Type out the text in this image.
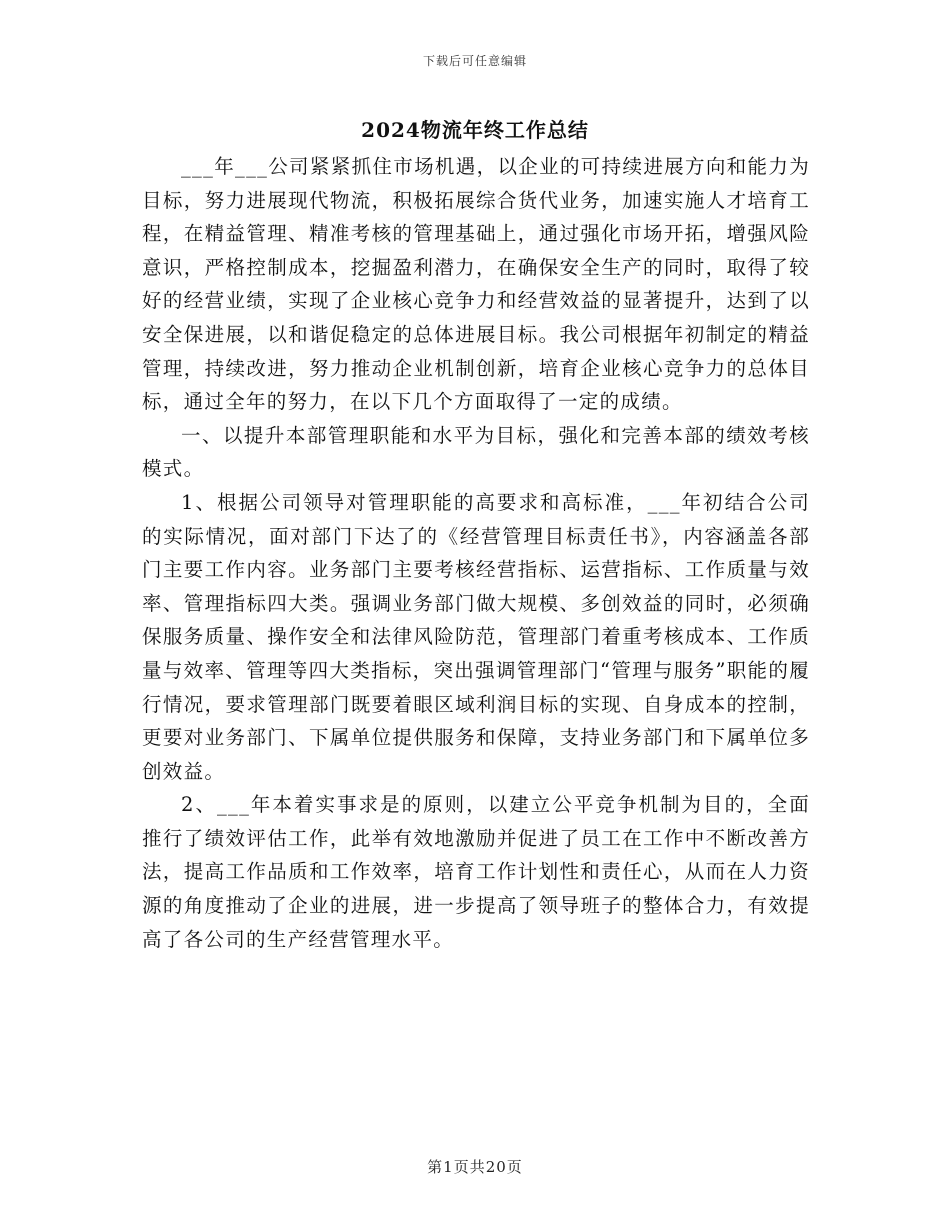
下载后可任意编辑
2024物流年终工作总结

___年___公司紧紧抓住市场机遇，以企业的可持续进展方向和能力为目标，努力进展现代物流，积极拓展综合货代业务，加速实施人才培育工程，在精益管理、精准考核的管理基础上，通过强化市场开拓，增强风险意识，严格控制成本，挖掘盈利潜力，在确保安全生产的同时，取得了较好的经营业绩，实现了企业核心竞争力和经营效益的显著提升，达到了以安全保进展，以和谐促稳定的总体进展目标。我公司根据年初制定的精益管理，持续改进，努力推动企业机制创新，培育企业核心竞争力的总体目标，通过全年的努力，在以下几个方面取得了一定的成绩。

一、以提升本部管理职能和水平为目标，强化和完善本部的绩效考核模式。

1、根据公司领导对管理职能的高要求和高标准，___年初结合公司的实际情况，面对部门下达了的《经营管理目标责任书》，内容涵盖各部门主要工作内容。业务部门主要考核经营指标、运营指标、工作质量与效率、管理指标四大类。强调业务部门做大规模、多创效益的同时，必须确保服务质量、操作安全和法律风险防范，管理部门着重考核成本、工作质量与效率、管理等四大类指标，突出强调管理部门“管理与服务”职能的履行情况，要求管理部门既要着眼区域利润目标的实现、自身成本的控制，更要对业务部门、下属单位提供服务和保障，支持业务部门和下属单位多创效益。

2、___年本着实事求是的原则，以建立公平竞争机制为目的，全面推行了绩效评估工作，此举有效地激励并促进了员工在工作中不断改善方法，提高工作品质和工作效率，培育工作计划性和责任心，从而在人力资源的角度推动了企业的进展，进一步提高了领导班子的整体合力，有效提高了各公司的生产经营管理水平。

第1页共20页
